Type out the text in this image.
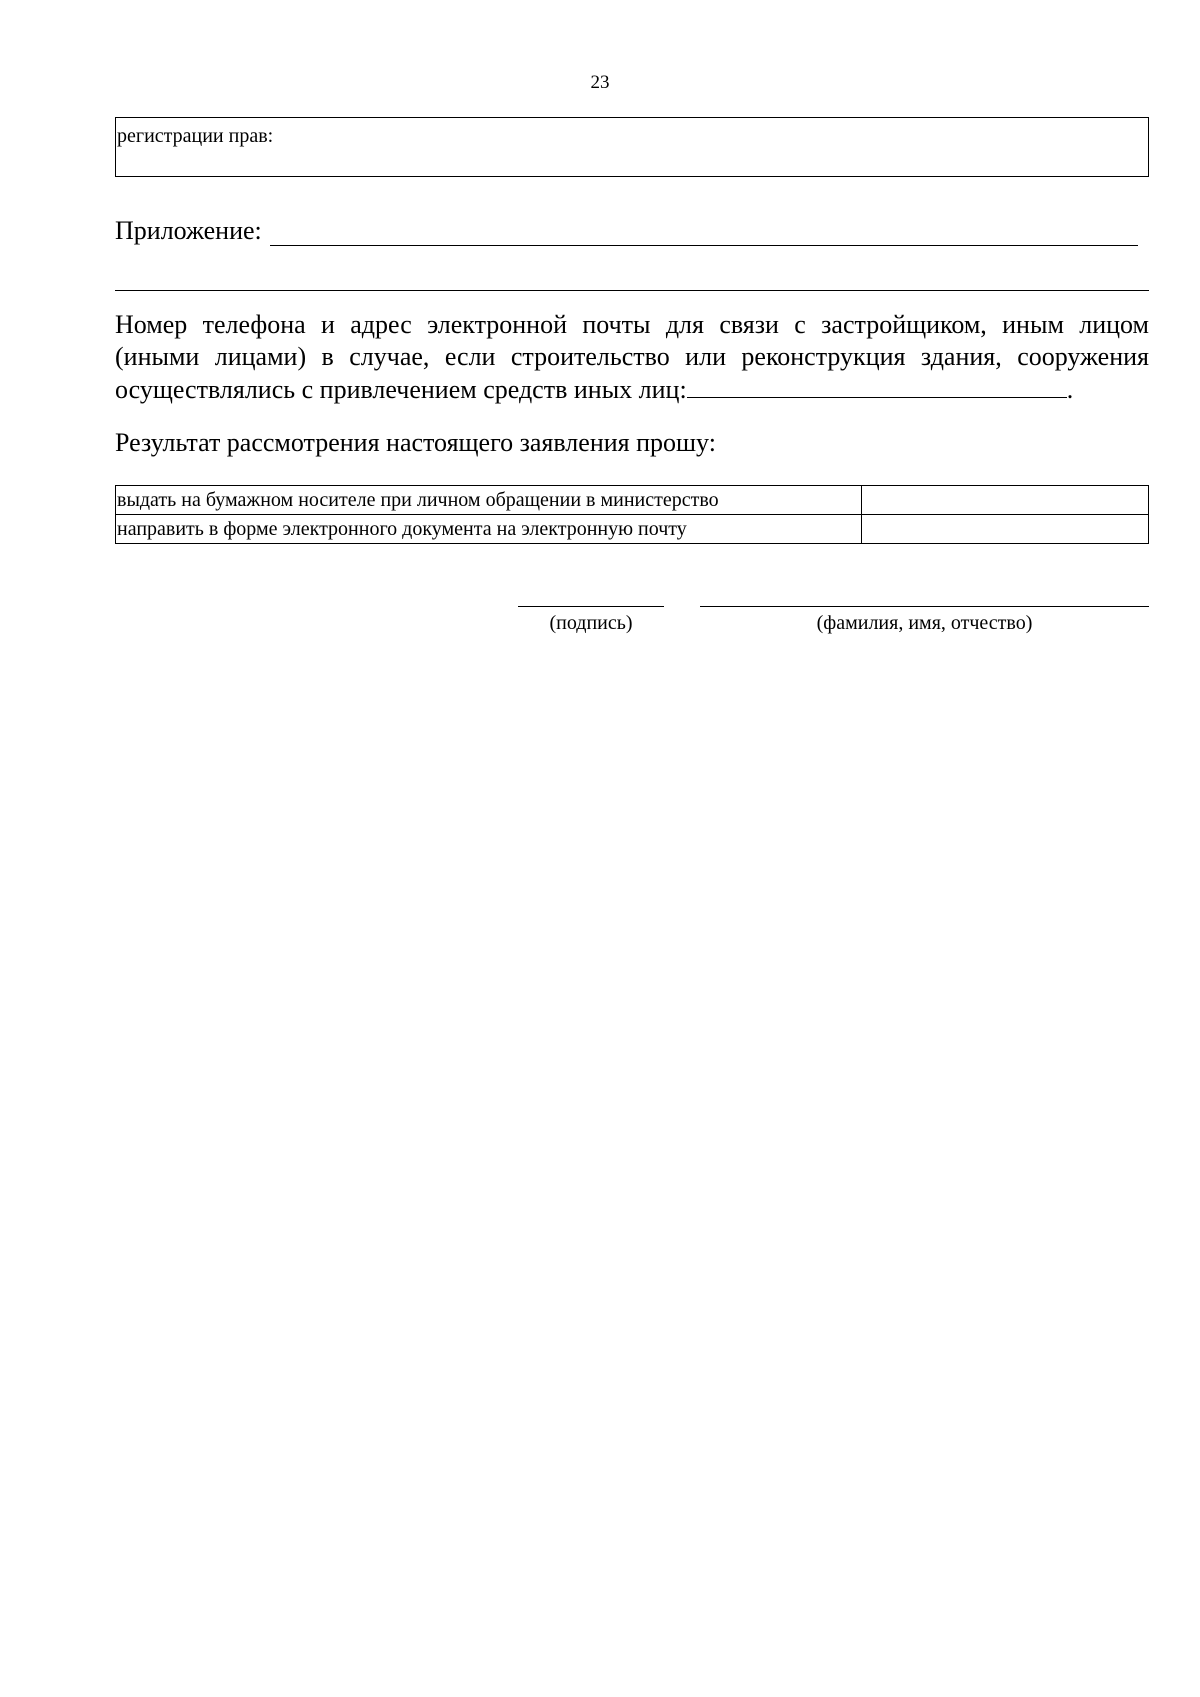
23
регистрации прав:
Приложение:
Номер телефона и адрес электронной почты для связи с застройщиком, иным лицом
(иными лицами) в случае, если строительство или реконструкция здания, сооружения
осуществлялись с привлечением средств иных лиц:	.
Результат рассмотрения настоящего заявления прошу:
выдать на бумажном носителе при личном обращении в министерство	
направить в форме электронного документа на электронную почту	
(подпись)	(фамилия, имя, отчество)
